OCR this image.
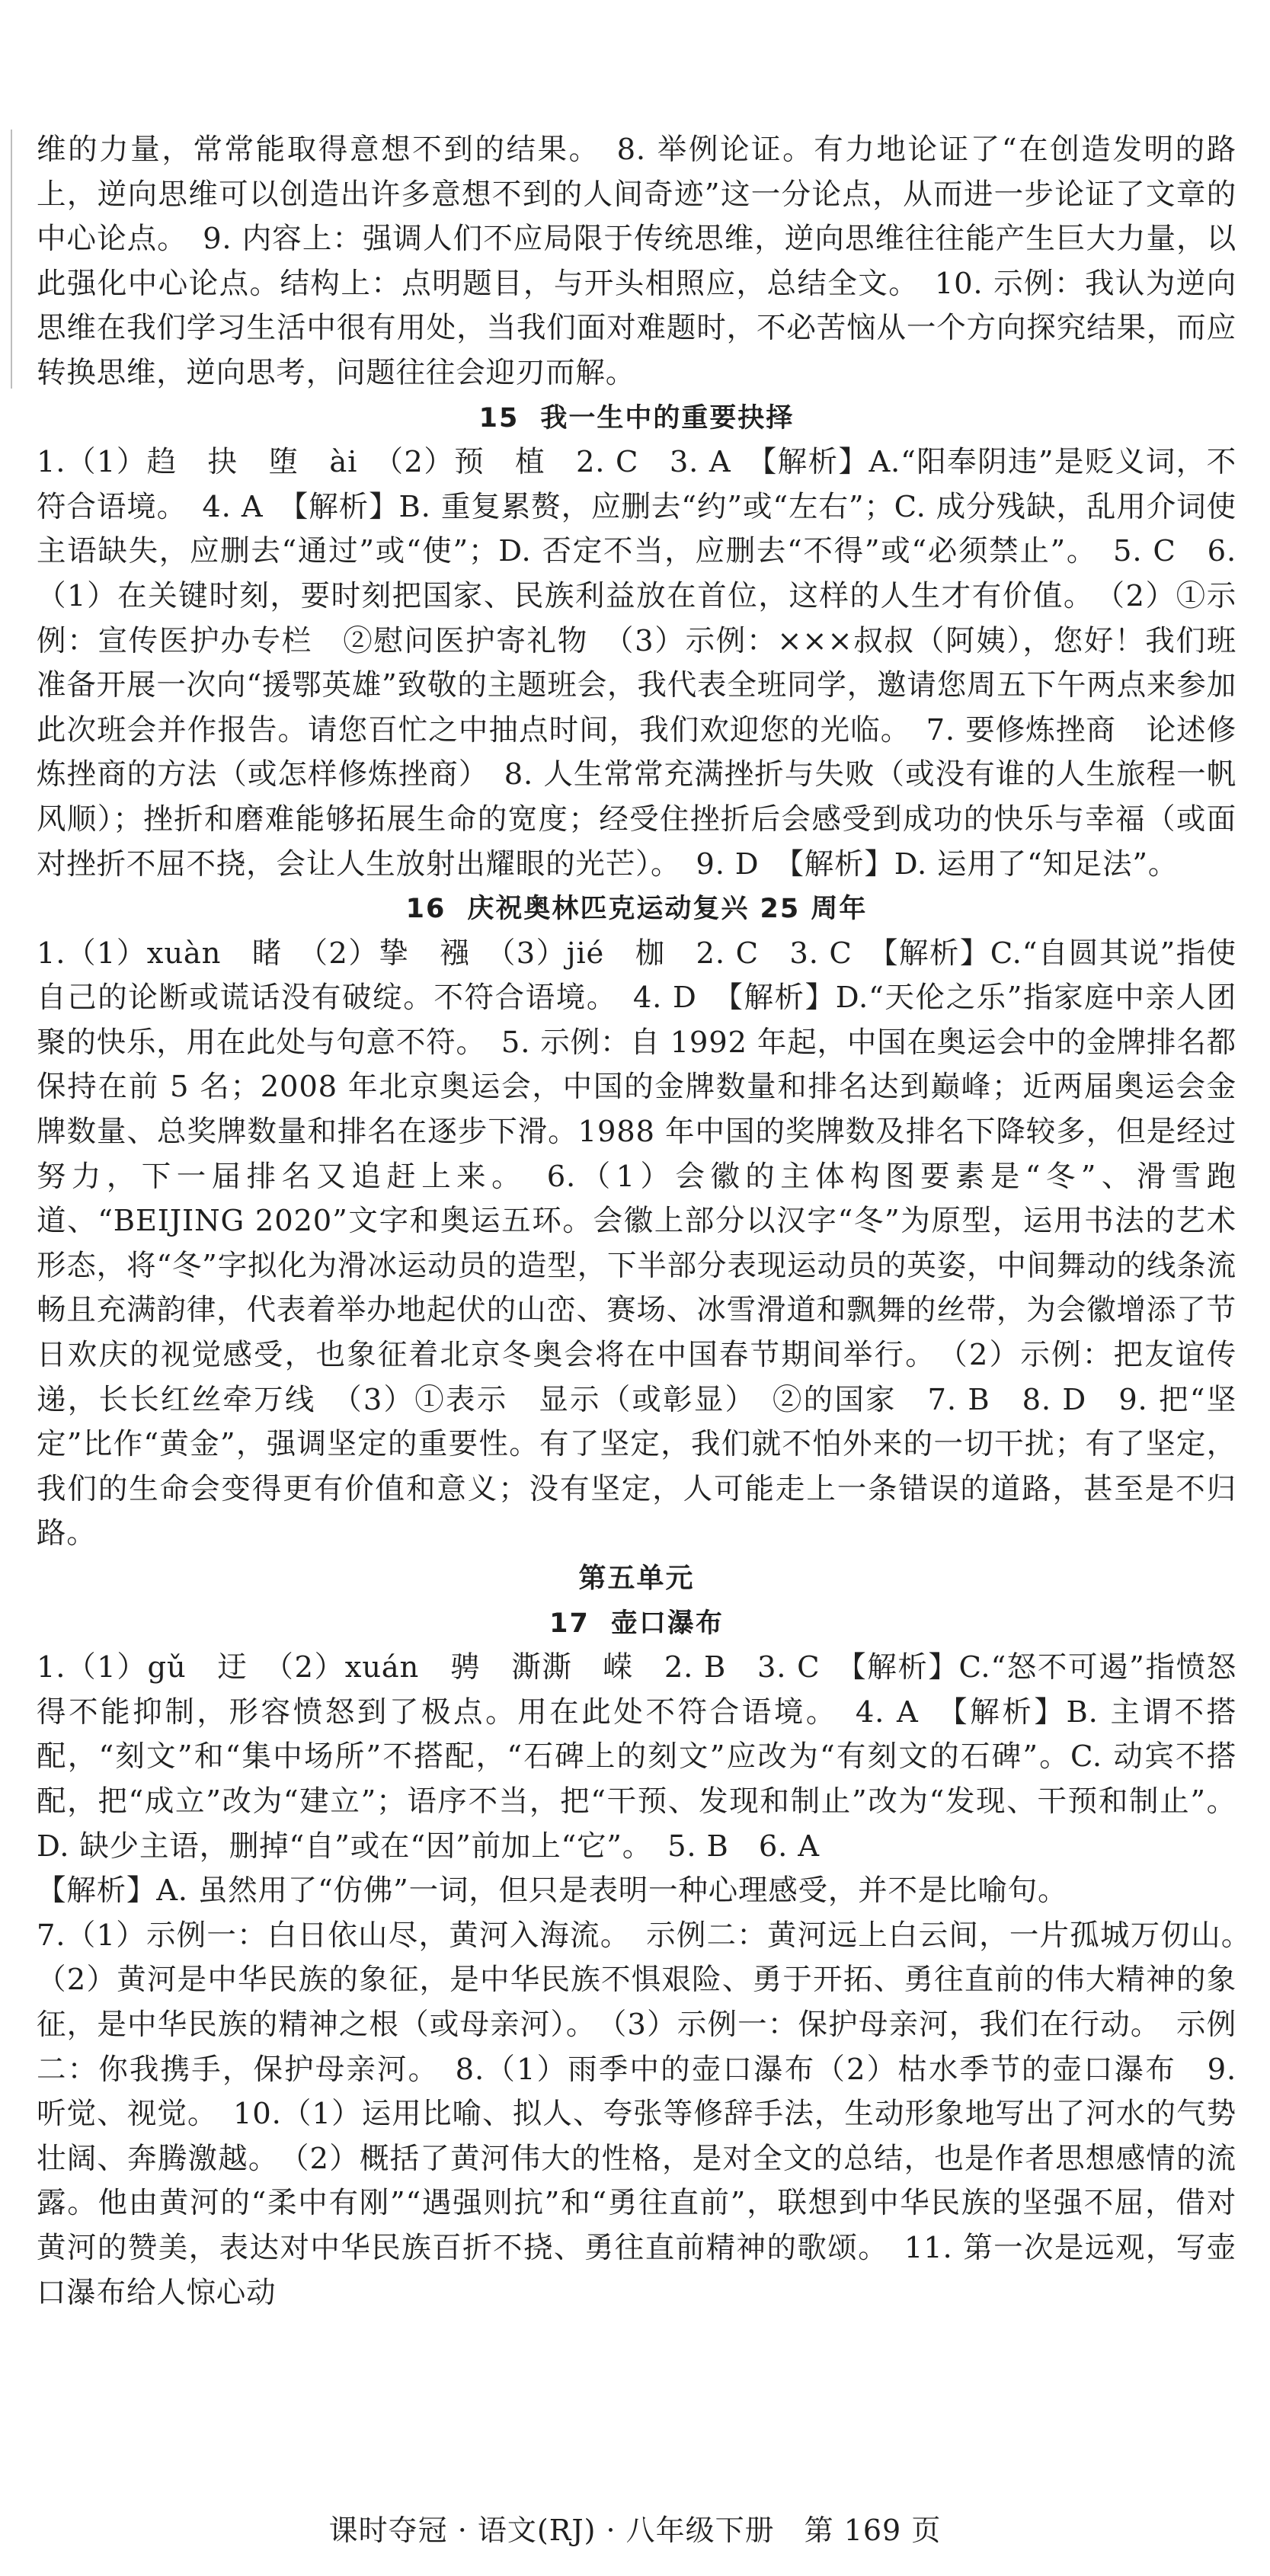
维的力量，常常能取得意想不到的结果。　8. 举例论证。有力地论证了“在创造发明的路上，逆向思维可以创造出许多意想不到的人间奇迹”这一分论点，从而进一步论证了文章的中心论点。　9. 内容上：强调人们不应局限于传统思维，逆向思维往往能产生巨大力量，以此强化中心论点。结构上：点明题目，与开头相照应，总结全文。　10. 示例：我认为逆向思维在我们学习生活中很有用处，当我们面对难题时，不必苦恼从一个方向探究结果，而应转换思维，逆向思考，问题往往会迎刃而解。

15 我一生中的重要抉择

1.（1）趋　抉　堕　ài　（2）预　植　2. C　3. A　【解析】A.“阳奉阴违”是贬义词，不符合语境。　4. A　【解析】B. 重复累赘，应删去“约”或“左右”；C. 成分残缺，乱用介词使主语缺失，应删去“通过”或“使”；D. 否定不当，应删去“不得”或“必须禁止”。　5. C　6.（1）在关键时刻，要时刻把国家、民族利益放在首位，这样的人生才有价值。　（2）①示例：宣传医护办专栏　②慰问医护寄礼物　（3）示例：×××叔叔（阿姨），您好！我们班准备开展一次向“援鄂英雄”致敬的主题班会，我代表全班同学，邀请您周五下午两点来参加此次班会并作报告。请您百忙之中抽点时间，我们欢迎您的光临。　7. 要修炼挫商　论述修炼挫商的方法（或怎样修炼挫商）　8. 人生常常充满挫折与失败（或没有谁的人生旅程一帆风顺）；挫折和磨难能够拓展生命的宽度；经受住挫折后会感受到成功的快乐与幸福（或面对挫折不屈不挠，会让人生放射出耀眼的光芒）。　9. D　【解析】D. 运用了“知足法”。

16 庆祝奥林匹克运动复兴 25 周年

1.（1）xuàn　睹　（2）挚　襁　（3）jié　枷　2. C　3. C　【解析】C.“自圆其说”指使自己的论断或谎话没有破绽。不符合语境。　4. D　【解析】D.“天伦之乐”指家庭中亲人团聚的快乐，用在此处与句意不符。　5. 示例：自 1992 年起，中国在奥运会中的金牌排名都保持在前 5 名；2008 年北京奥运会，中国的金牌数量和排名达到巅峰；近两届奥运会金牌数量、总奖牌数量和排名在逐步下滑。1988 年中国的奖牌数及排名下降较多，但是经过努力，下一届排名又追赶上来。　6.（1）会徽的主体构图要素是“冬”、滑雪跑道、“BEIJING 2020”文字和奥运五环。会徽上部分以汉字“冬”为原型，运用书法的艺术形态，将“冬”字拟化为滑冰运动员的造型，下半部分表现运动员的英姿，中间舞动的线条流畅且充满韵律，代表着举办地起伏的山峦、赛场、冰雪滑道和飘舞的丝带，为会徽增添了节日欢庆的视觉感受，也象征着北京冬奥会将在中国春节期间举行。　（2）示例：把友谊传递，长长红丝牵万线　（3）①表示　显示（或彰显）　②的国家　7. B　8. D　9. 把“坚定”比作“黄金”，强调坚定的重要性。有了坚定，我们就不怕外来的一切干扰；有了坚定，我们的生命会变得更有价值和意义；没有坚定，人可能走上一条错误的道路，甚至是不归路。

第五单元

17 壶口瀑布

1.（1）gǔ　迂　（2）xuán　骋　澌澌　嵘　2. B　3. C　【解析】C.“怒不可遏”指愤怒得不能抑制，形容愤怒到了极点。用在此处不符合语境。　4. A　【解析】B. 主谓不搭配，“刻文”和“集中场所”不搭配，“石碑上的刻文”应改为“有刻文的石碑”。C. 动宾不搭配，把“成立”改为“建立”；语序不当，把“干预、发现和制止”改为“发现、干预和制止”。D. 缺少主语，删掉“自”或在“因”前加上“它”。　5. B　6. A

【解析】A. 虽然用了“仿佛”一词，但只是表明一种心理感受，并不是比喻句。

7.（1）示例一：白日依山尽，黄河入海流。　示例二：黄河远上白云间，一片孤城万仞山。　（2）黄河是中华民族的象征，是中华民族不惧艰险、勇于开拓、勇往直前的伟大精神的象征，是中华民族的精神之根（或母亲河）。　（3）示例一：保护母亲河，我们在行动。　示例二：你我携手，保护母亲河。　8.（1）雨季中的壶口瀑布（2）枯水季节的壶口瀑布　9. 听觉、视觉。　10.（1）运用比喻、拟人、夸张等修辞手法，生动形象地写出了河水的气势壮阔、奔腾激越。　（2）概括了黄河伟大的性格，是对全文的总结，也是作者思想感情的流露。他由黄河的“柔中有刚”“遇强则抗”和“勇往直前”，联想到中华民族的坚强不屈，借对黄河的赞美，表达对中华民族百折不挠、勇往直前精神的歌颂。　11. 第一次是远观，写壶口瀑布给人惊心动

课时夺冠 · 语文(RJ) · 八年级下册　第 169 页
